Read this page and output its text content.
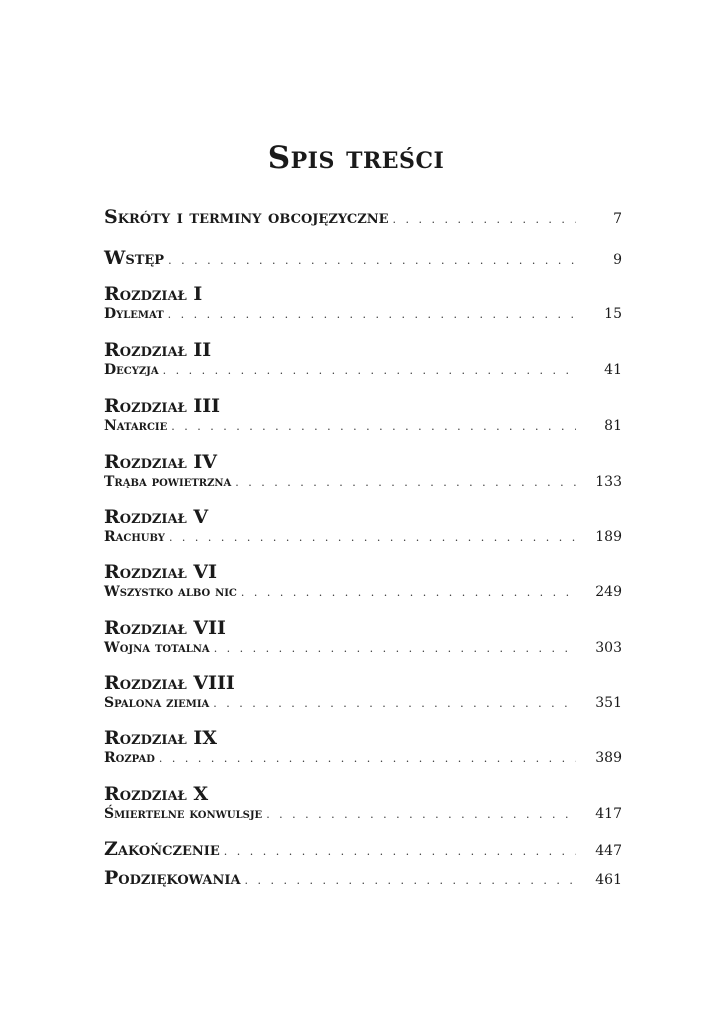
Spis treści
Skróty i terminy obcojęzyczne . . .	7
Wstęp . . .	9
Rozdział I
Dylemat . . .	15
Rozdział II
Decyzja . . .	41
Rozdział III
Natarcie . . .	81
Rozdział IV
Trąba powietrzna . . .	133
Rozdział V
Rachuby . . .	189
Rozdział VI
Wszystko albo nic . . .	249
Rozdział VII
Wojna totalna . . .	303
Rozdział VIII
Spalona ziemia . . .	351
Rozdział IX
Rozpad . . .	389
Rozdział X
Śmiertelne konwulsje . . .	417
Zakończenie . . .	447
Podziękowania . . .	461
